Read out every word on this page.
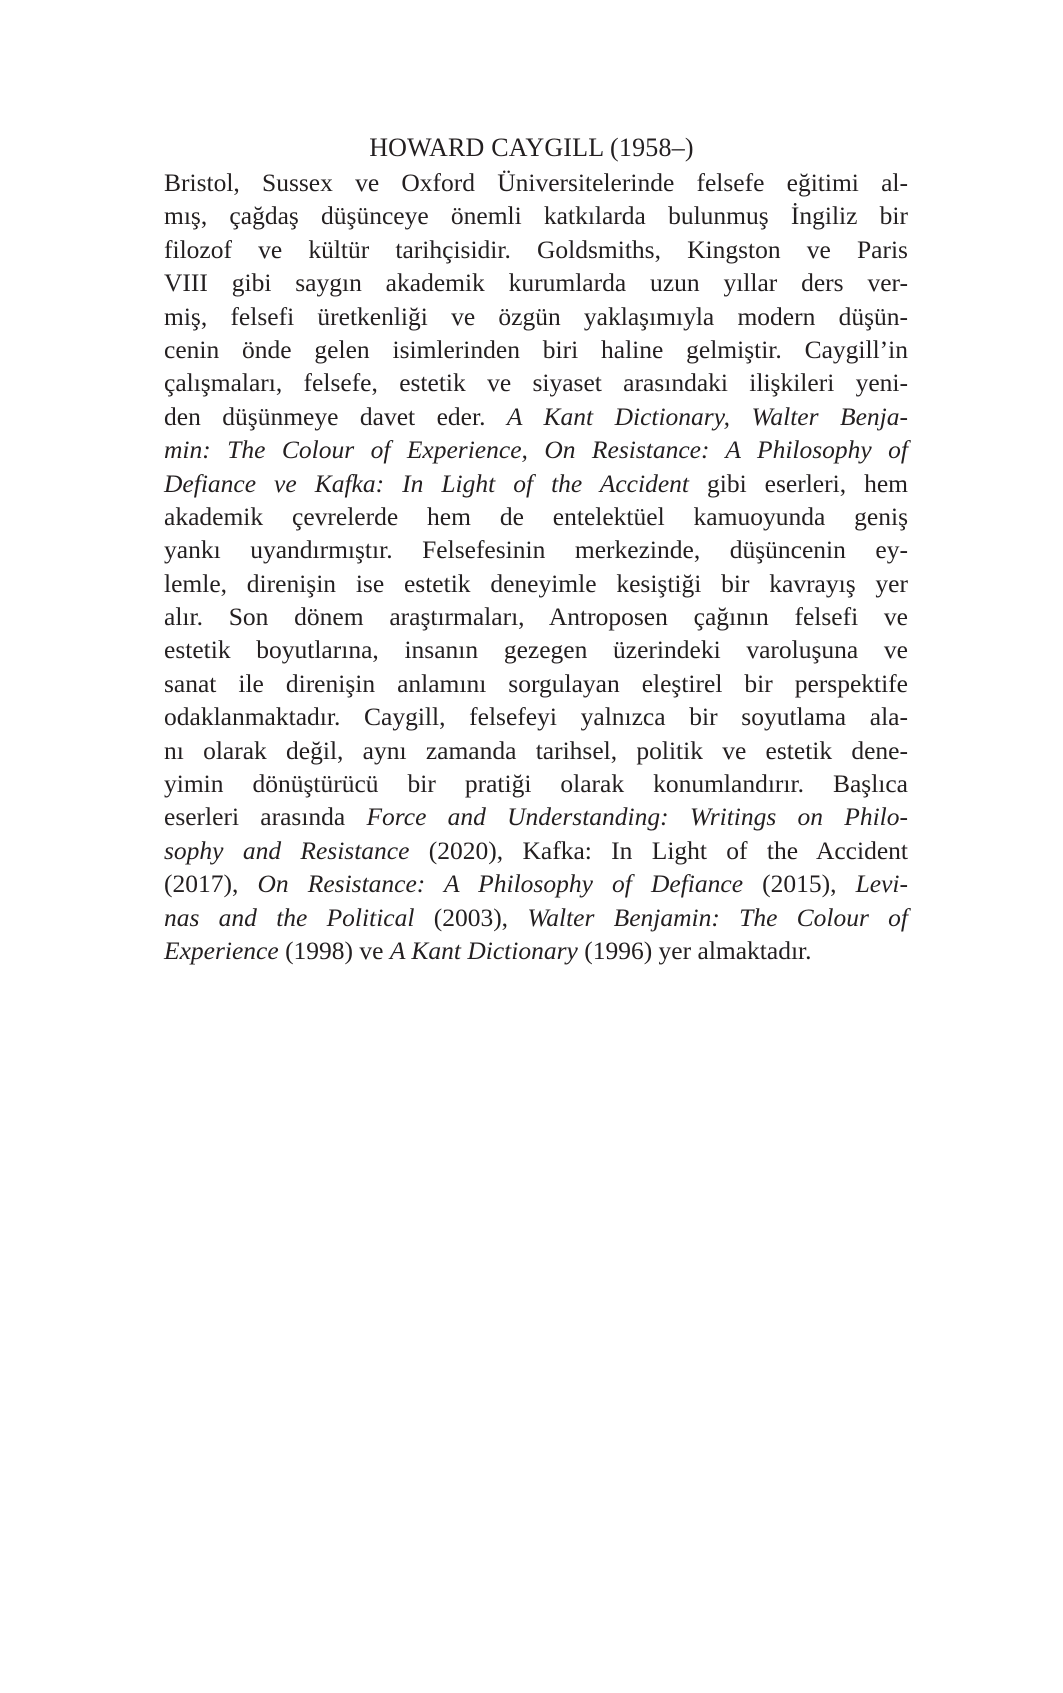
HOWARD CAYGILL (1958–)
Bristol, Sussex ve Oxford Üniversitelerinde felsefe eğitimi al-
mış, çağdaş düşünceye önemli katkılarda bulunmuş İngiliz bir
filozof ve kültür tarihçisidir. Goldsmiths, Kingston ve Paris
VIII gibi saygın akademik kurumlarda uzun yıllar ders ver-
miş, felsefi üretkenliği ve özgün yaklaşımıyla modern düşün-
cenin önde gelen isimlerinden biri haline gelmiştir. Caygill’in
çalışmaları, felsefe, estetik ve siyaset arasındaki ilişkileri yeni-
den düşünmeye davet eder. A Kant Dictionary, Walter Benja-
min: The Colour of Experience, On Resistance: A Philosophy of
Defiance ve Kafka: In Light of the Accident gibi eserleri, hem
akademik çevrelerde hem de entelektüel kamuoyunda geniş
yankı uyandırmıştır. Felsefesinin merkezinde, düşüncenin ey-
lemle, direnişin ise estetik deneyimle kesiştiği bir kavrayış yer
alır. Son dönem araştırmaları, Antroposen çağının felsefi ve
estetik boyutlarına, insanın gezegen üzerindeki varoluşuna ve
sanat ile direnişin anlamını sorgulayan eleştirel bir perspektife
odaklanmaktadır. Caygill, felsefeyi yalnızca bir soyutlama ala-
nı olarak değil, aynı zamanda tarihsel, politik ve estetik dene-
yimin dönüştürücü bir pratiği olarak konumlandırır. Başlıca
eserleri arasında Force and Understanding: Writings on Philo-
sophy and Resistance (2020), Kafka: In Light of the Accident
(2017), On Resistance: A Philosophy of Defiance (2015), Levi-
nas and the Political (2003), Walter Benjamin: The Colour of
Experience (1998) ve A Kant Dictionary (1996) yer almaktadır.
